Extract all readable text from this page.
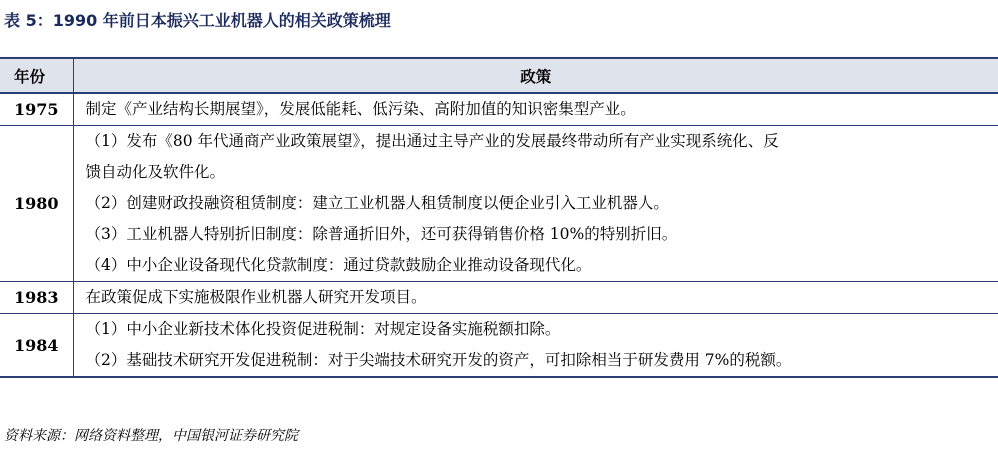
表 5：1990 年前日本振兴工业机器人的相关政策梳理
年份	政策
1975	制定《产业结构长期展望》，发展低能耗、低污染、高附加值的知识密集型产业。

1980	（1）发布《80 年代通商产业政策展望》，提出通过主导产业的发展最终带动所有产业实现系统化、反
馈自动化及软件化。
（2）创建财政投融资租赁制度：建立工业机器人租赁制度以便企业引入工业机器人。
（3）工业机器人特别折旧制度：除普通折旧外，还可获得销售价格 10%的特别折旧。
（4）中小企业设备现代化贷款制度：通过贷款鼓励企业推动设备现代化。

1983	在政策促成下实施极限作业机器人研究开发项目。

1984	（1）中小企业新技术体化投资促进税制：对规定设备实施税额扣除。
（2）基础技术研究开发促进税制：对于尖端技术研究开发的资产，可扣除相当于研发费用 7%的税额。
资料来源：网络资料整理，中国银河证券研究院
